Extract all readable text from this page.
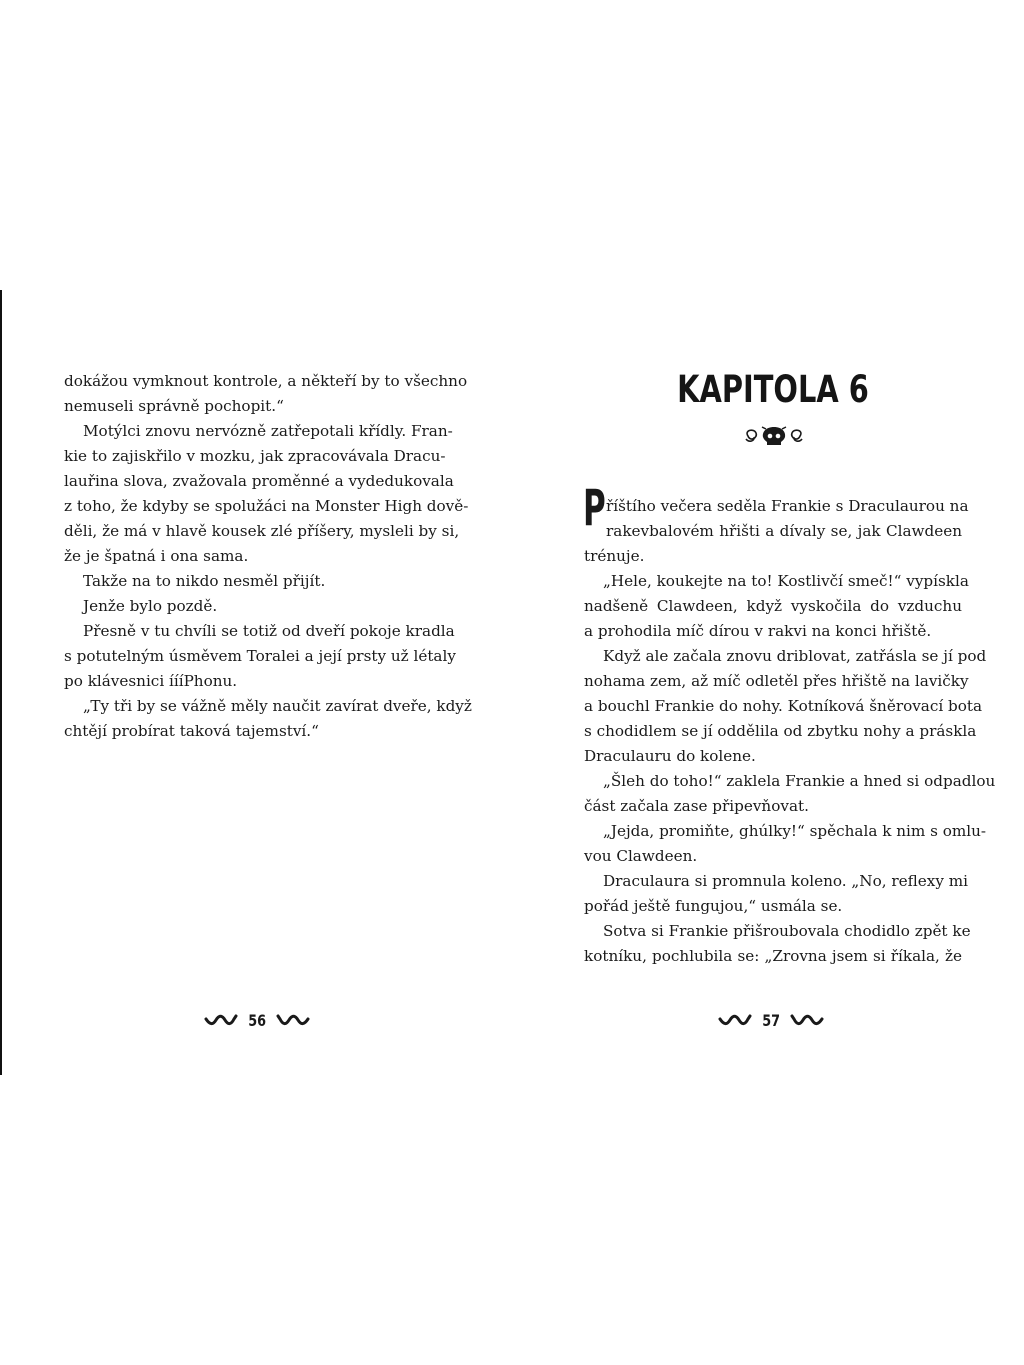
dokážou vymknout kontrole, a někteří by to všechno
nemuseli správně pochopit.“
Motýlci znovu nervózně zatřepotali křídly. Fran-
kie to zajiskřilo v mozku, jak zpracovávala Dracu-
lauřina slova, zvažovala proměnné a vydedukovala
z toho, že kdyby se spolužáci na Monster High dově-
děli, že má v hlavě kousek zlé příšery, mysleli by si,
že je špatná i ona sama.
Takže na to nikdo nesměl přijít.
Jenže bylo pozdě.
Přesně v tu chvíli se totiž od dveří pokoje kradla
s potutelným úsměvem Toralei a její prsty už létaly
po klávesnici íííPhonu.
„Ty tři by se vážně měly naučit zavírat dveře, když
chtějí probírat taková tajemství.“
KAPITOLA 6
P říštího večera seděla Frankie s Draculaurou na
rakevbalovém hřišti a dívaly se, jak Clawdeen
trénuje.
„Hele, koukejte na to! Kostlivčí smeč!“ vypískla
nadšeně Clawdeen, když vyskočila do vzduchu
a prohodila míč dírou v rakvi na konci hřiště.
Když ale začala znovu driblovat, zatřásla se jí pod
nohama zem, až míč odletěl přes hřiště na lavičky
a bouchl Frankie do nohy. Kotníková šněrovací bota
s chodidlem se jí oddělila od zbytku nohy a práskla
Draculauru do kolene.
„Šleh do toho!“ zaklela Frankie a hned si odpadlou
část začala zase připevňovat.
„Jejda, promiňte, ghúlky!“ spěchala k nim s omlu-
vou Clawdeen.
Draculaura si promnula koleno. „No, reflexy mi
pořád ještě fungujou,“ usmála se.
Sotva si Frankie přišroubovala chodidlo zpět ke
kotníku, pochlubila se: „Zrovna jsem si říkala, že
56	57
